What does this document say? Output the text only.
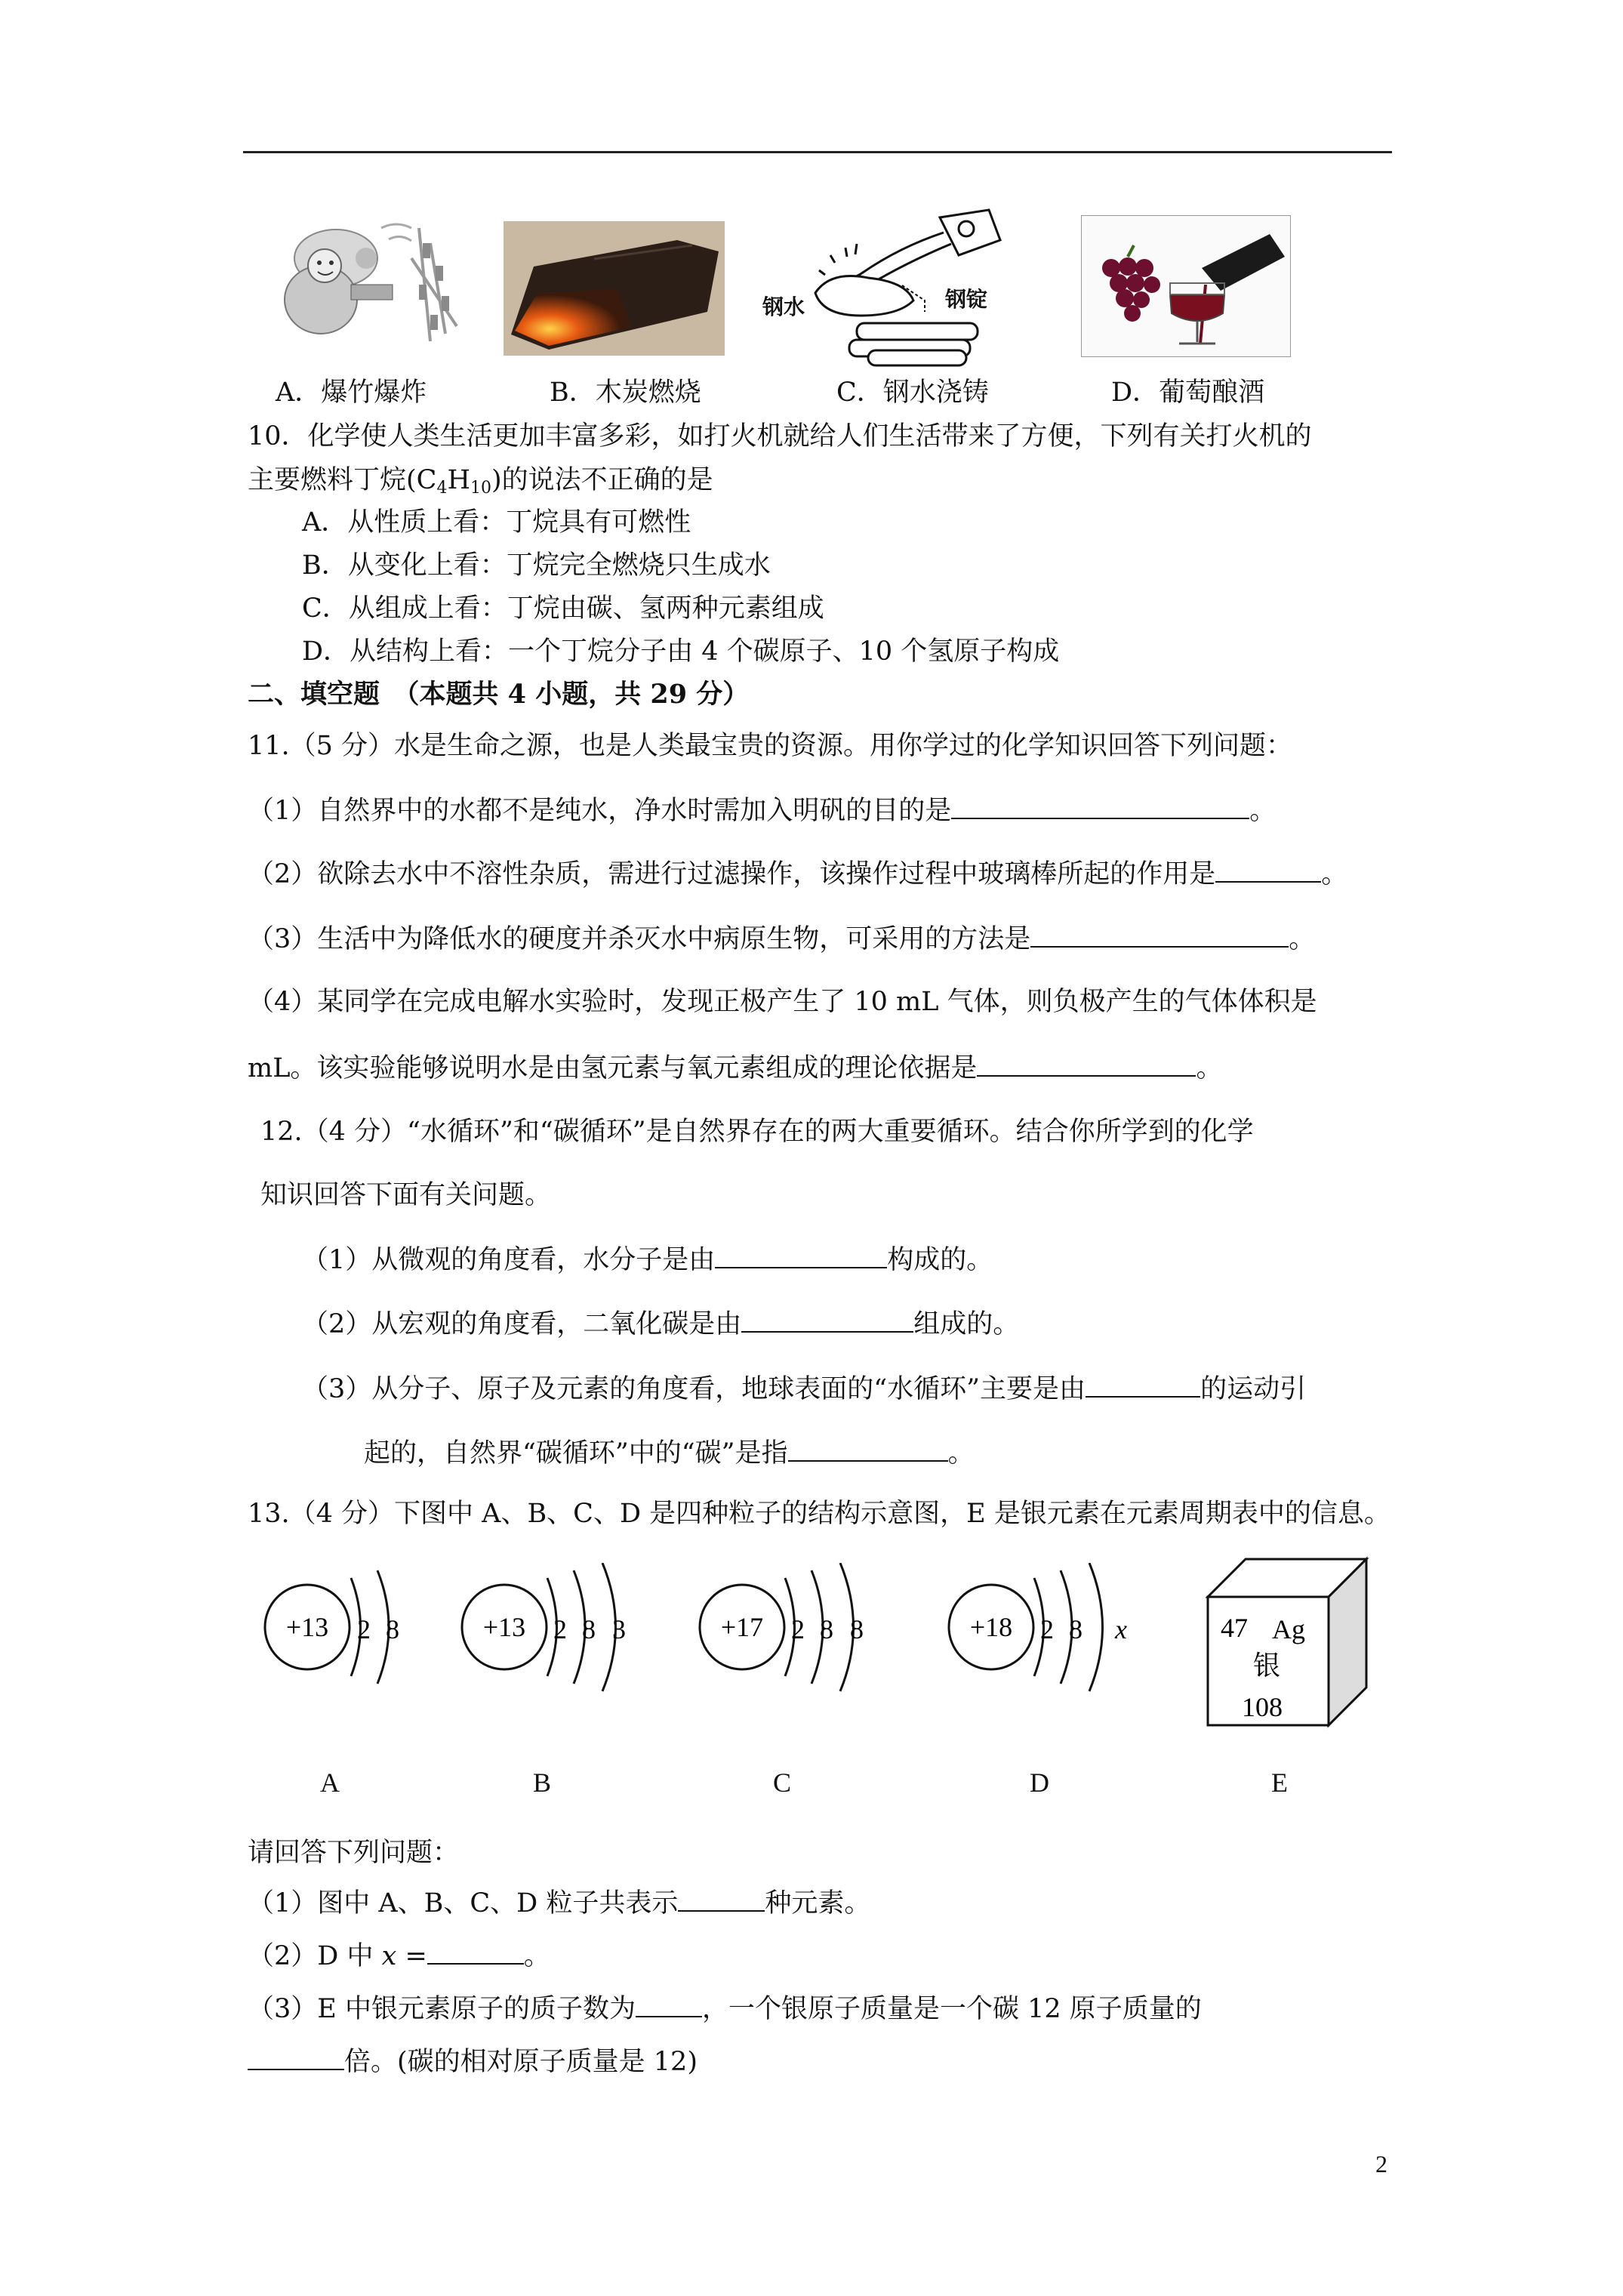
钢水	钢锭
A．爆竹爆炸	B．木炭燃烧	C．钢水浇铸	D．葡萄酿酒
10．化学使人类生活更加丰富多彩，如打火机就给人们生活带来了方便，下列有关打火机的
主要燃料丁烷$(C_4H_{10})$的说法不正确的是
A．从性质上看：丁烷具有可燃性
B．从变化上看：丁烷完全燃烧只生成水
C．从组成上看：丁烷由碳、氢两种元素组成
D．从结构上看：一个丁烷分子由 4 个碳原子、10 个氢原子构成
二、填空题　（本题共 4 小题，共 29 分）
11.（5 分）水是生命之源，也是人类最宝贵的资源。用你学过的化学知识回答下列问题：
（1）自然界中的水都不是纯水，净水时需加入明矾的目的是	。
（2）欲除去水中不溶性杂质，需进行过滤操作，该操作过程中玻璃棒所起的作用是	。
（3）生活中为降低水的硬度并杀灭水中病原生物，可采用的方法是	。
（4）某同学在完成电解水实验时，发现正极产生了 10 mL 气体，则负极产生的气体体积是
mL。该实验能够说明水是由氢元素与氧元素组成的理论依据是	。
12.（4 分）“水循环”和“碳循环”是自然界存在的两大重要循环。结合你所学到的化学
知识回答下面有关问题。
（1）从微观的角度看，水分子是由	构成的。
（2）从宏观的角度看，二氧化碳是由	组成的。
（3）从分子、原子及元素的角度看，地球表面的“水循环”主要是由	的运动引
起的，自然界“碳循环”中的“碳”是指	。
13.（4 分）下图中 A、B、C、D 是四种粒子的结构示意图，E 是银元素在元素周期表中的信息。
+13 2 8
A
+13 2 8 3
B
+17 2 8 8
C
+18 2 8 x
D
47 Ag
银
108
E
请回答下列问题：
（1）图中 A、B、C、D 粒子共表示	种元素。
（2）D 中 x =	。
（3）E 中银元素原子的质子数为	，一个银原子质量是一个碳 12 原子质量的
倍。(碳的相对原子质量是 12)
2
